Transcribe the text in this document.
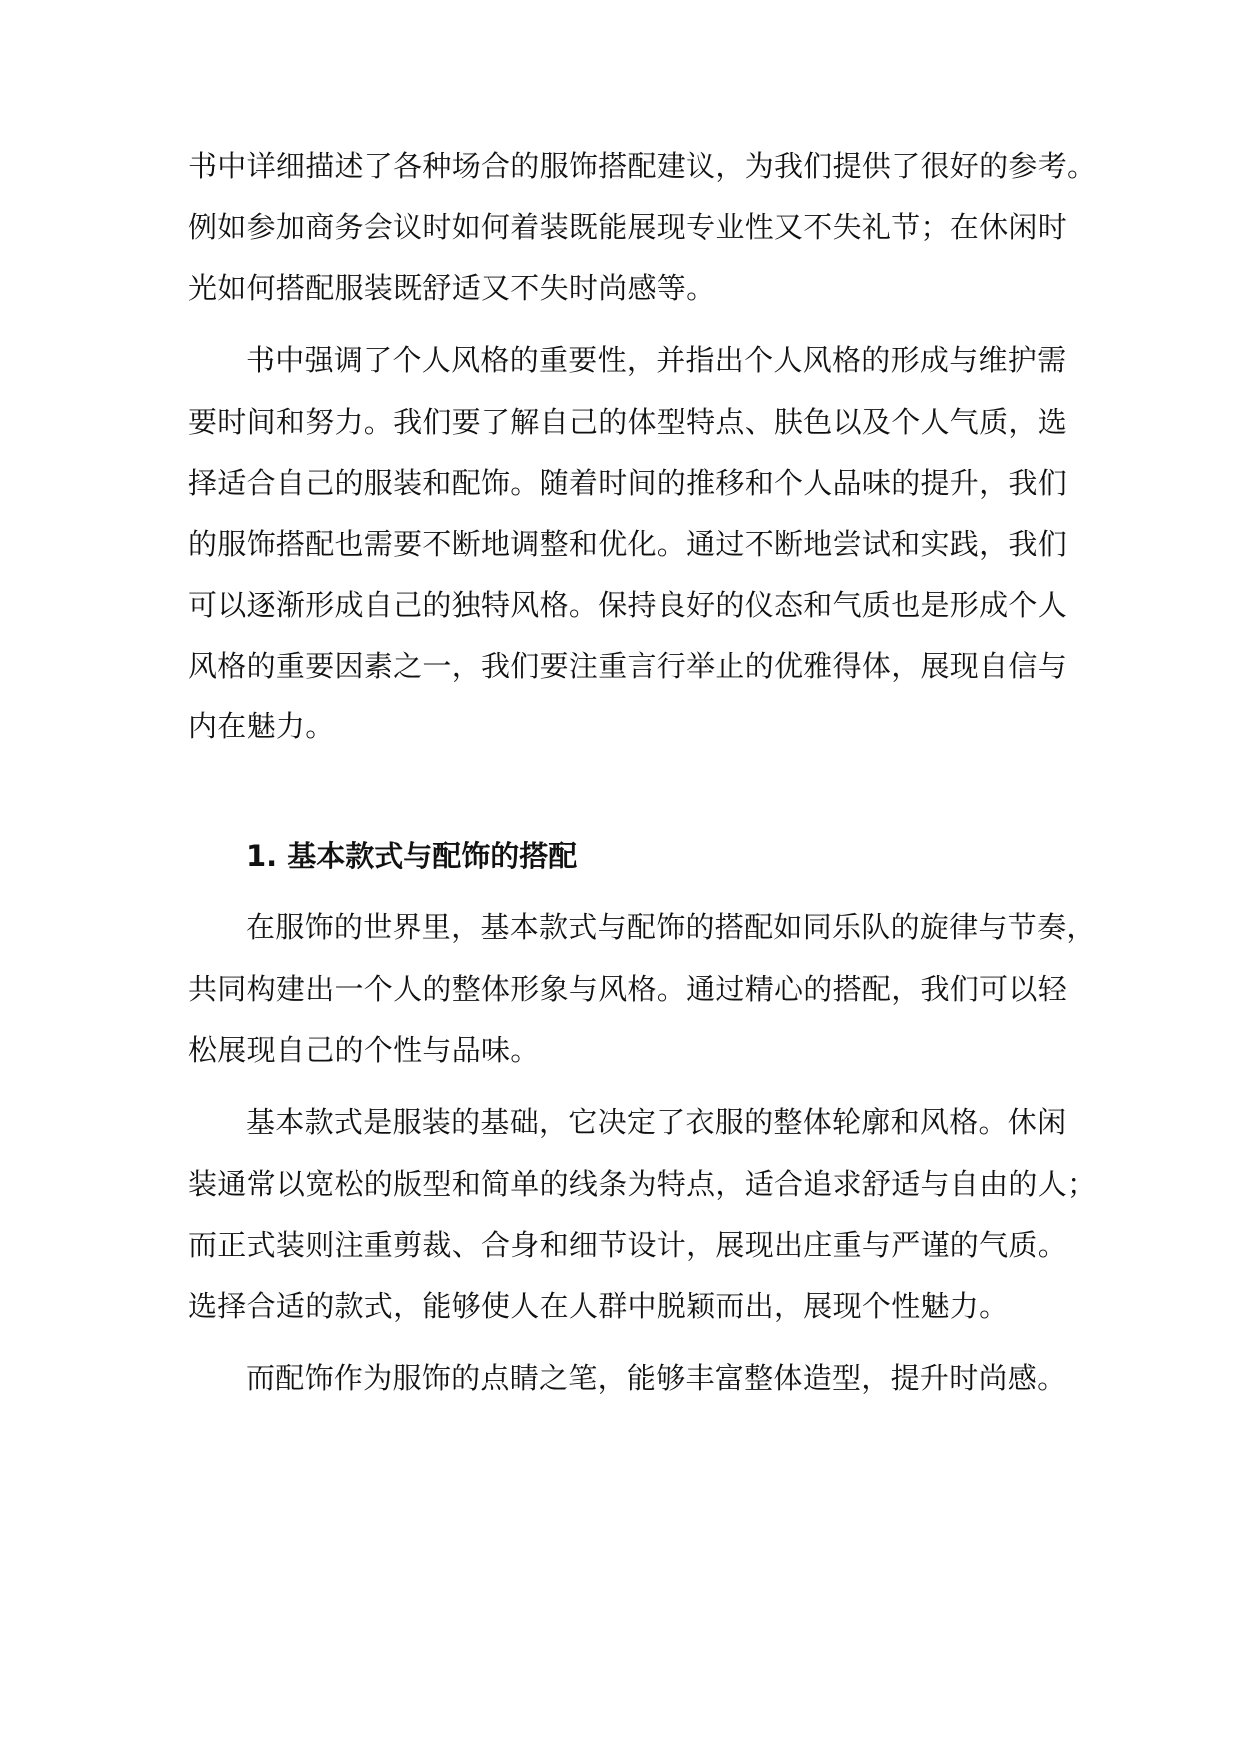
书中详细描述了各种场合的服饰搭配建议，为我们提供了很好的参考。
例如参加商务会议时如何着装既能展现专业性又不失礼节；在休闲时
光如何搭配服装既舒适又不失时尚感等。
书中强调了个人风格的重要性，并指出个人风格的形成与维护需
要时间和努力。我们要了解自己的体型特点、肤色以及个人气质，选
择适合自己的服装和配饰。随着时间的推移和个人品味的提升，我们
的服饰搭配也需要不断地调整和优化。通过不断地尝试和实践，我们
可以逐渐形成自己的独特风格。保持良好的仪态和气质也是形成个人
风格的重要因素之一，我们要注重言行举止的优雅得体，展现自信与
内在魅力。
1. 基本款式与配饰的搭配
在服饰的世界里，基本款式与配饰的搭配如同乐队的旋律与节奏，
共同构建出一个人的整体形象与风格。通过精心的搭配，我们可以轻
松展现自己的个性与品味。
基本款式是服装的基础，它决定了衣服的整体轮廓和风格。休闲
装通常以宽松的版型和简单的线条为特点，适合追求舒适与自由的人；
而正式装则注重剪裁、合身和细节设计，展现出庄重与严谨的气质。
选择合适的款式，能够使人在人群中脱颖而出，展现个性魅力。
而配饰作为服饰的点睛之笔，能够丰富整体造型，提升时尚感。
